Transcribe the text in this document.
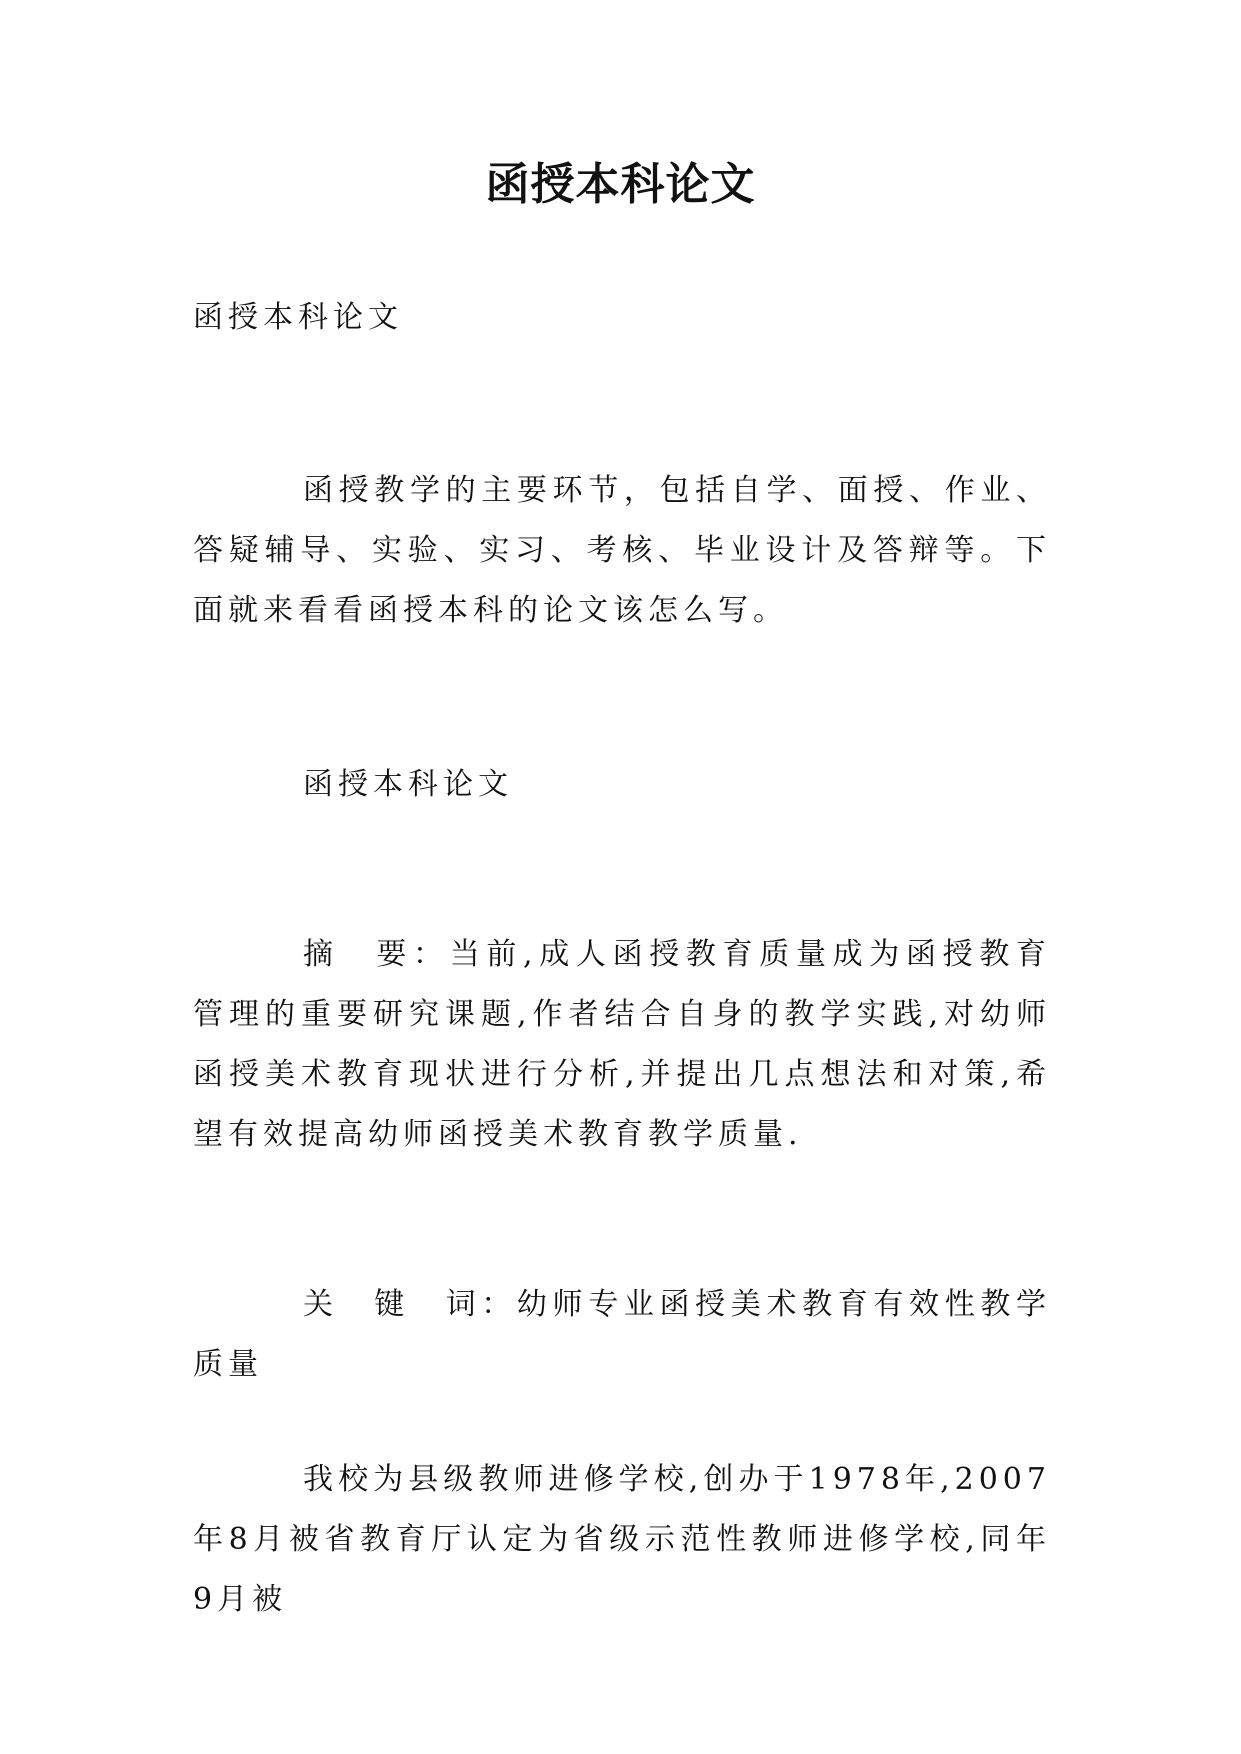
函授本科论文

函授本科论文

函授教学的主要环节，包括自学、面授、作业、答疑辅导、实验、实习、考核、毕业设计及答辩等。下面就来看看函授本科的论文该怎么写。

函授本科论文

摘　要：当前,成人函授教育质量成为函授教育管理的重要研究课题,作者结合自身的教学实践,对幼师函授美术教育现状进行分析,并提出几点想法和对策,希望有效提高幼师函授美术教育教学质量.

关　键　词：幼师专业函授美术教育有效性教学质量

我校为县级教师进修学校,创办于1978年,2007年8月被省教育厅认定为省级示范性教师进修学校,同年9月被
